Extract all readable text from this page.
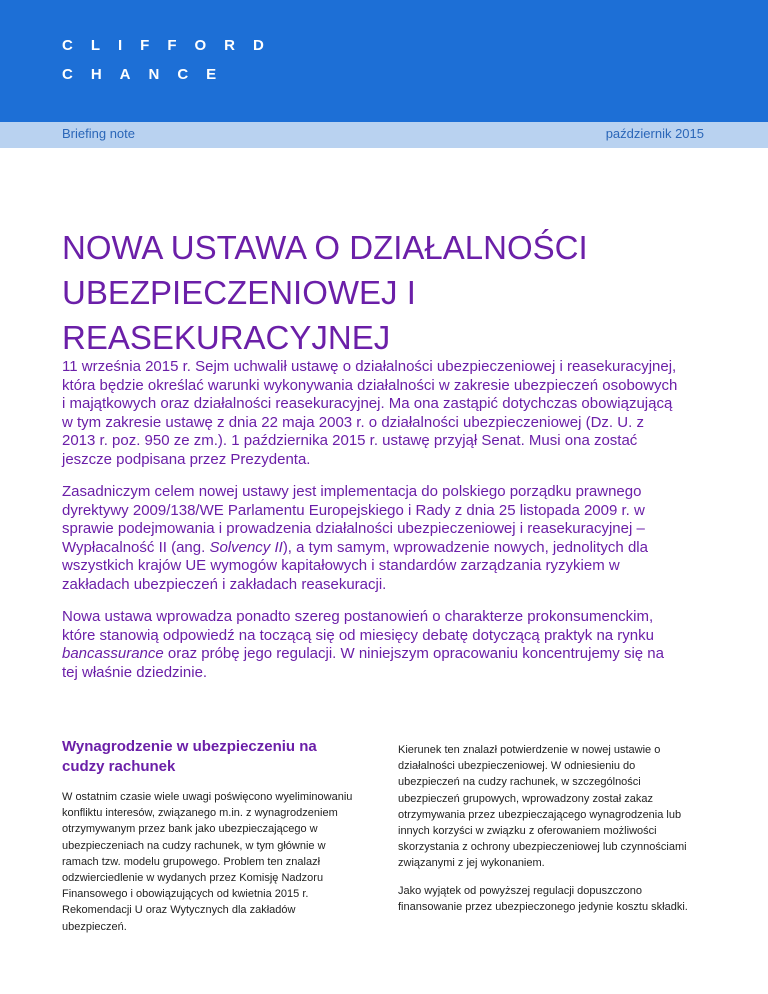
CLIFFORD
CHANCE
Briefing note	październik 2015
NOWA USTAWA O DZIAŁALNOŚCI
UBEZPIECZENIOWEJ I
REASEKURACYJNEJ

11 września 2015 r. Sejm uchwalił ustawę o działalności ubezpieczeniowej i reasekuracyjnej,
która będzie określać warunki wykonywania działalności w zakresie ubezpieczeń osobowych
i majątkowych oraz działalności reasekuracyjnej. Ma ona zastąpić dotychczas obowiązującą
w tym zakresie ustawę z dnia 22 maja 2003 r. o działalności ubezpieczeniowej (Dz. U. z
2013 r. poz. 950 ze zm.). 1 października 2015 r. ustawę przyjął Senat. Musi ona zostać
jeszcze podpisana przez Prezydenta.

Zasadniczym celem nowej ustawy jest implementacja do polskiego porządku prawnego
dyrektywy 2009/138/WE Parlamentu Europejskiego i Rady z dnia 25 listopada 2009 r. w
sprawie podejmowania i prowadzenia działalności ubezpieczeniowej i reasekuracyjnej –
Wypłacalność II (ang. Solvency II), a tym samym, wprowadzenie nowych, jednolitych dla
wszystkich krajów UE wymogów kapitałowych i standardów zarządzania ryzykiem w
zakładach ubezpieczeń i zakładach reasekuracji.

Nowa ustawa wprowadza ponadto szereg postanowień o charakterze prokonsumenckim,
które stanowią odpowiedź na toczącą się od miesięcy debatę dotyczącą praktyk na rynku
bancassurance oraz próbę jego regulacji. W niniejszym opracowaniu koncentrujemy się na
tej właśnie dziedzinie.

Wynagrodzenie w ubezpieczeniu na
cudzy rachunek

W ostatnim czasie wiele uwagi poświęcono wyeliminowaniu
konfliktu interesów, związanego m.in. z wynagrodzeniem
otrzymywanym przez bank jako ubezpieczającego w
ubezpieczeniach na cudzy rachunek, w tym głównie w
ramach tzw. modelu grupowego. Problem ten znalazł
odzwierciedlenie w wydanych przez Komisję Nadzoru
Finansowego i obowiązujących od kwietnia 2015 r.
Rekomendacji U oraz Wytycznych dla zakładów
ubezpieczeń.

Kierunek ten znalazł potwierdzenie w nowej ustawie o
działalności ubezpieczeniowej. W odniesieniu do
ubezpieczeń na cudzy rachunek, w szczególności
ubezpieczeń grupowych, wprowadzony został zakaz
otrzymywania przez ubezpieczającego wynagrodzenia lub
innych korzyści w związku z oferowaniem możliwości
skorzystania z ochrony ubezpieczeniowej lub czynnościami
związanymi z jej wykonaniem.

Jako wyjątek od powyższej regulacji dopuszczono
finansowanie przez ubezpieczonego jedynie kosztu składki.
